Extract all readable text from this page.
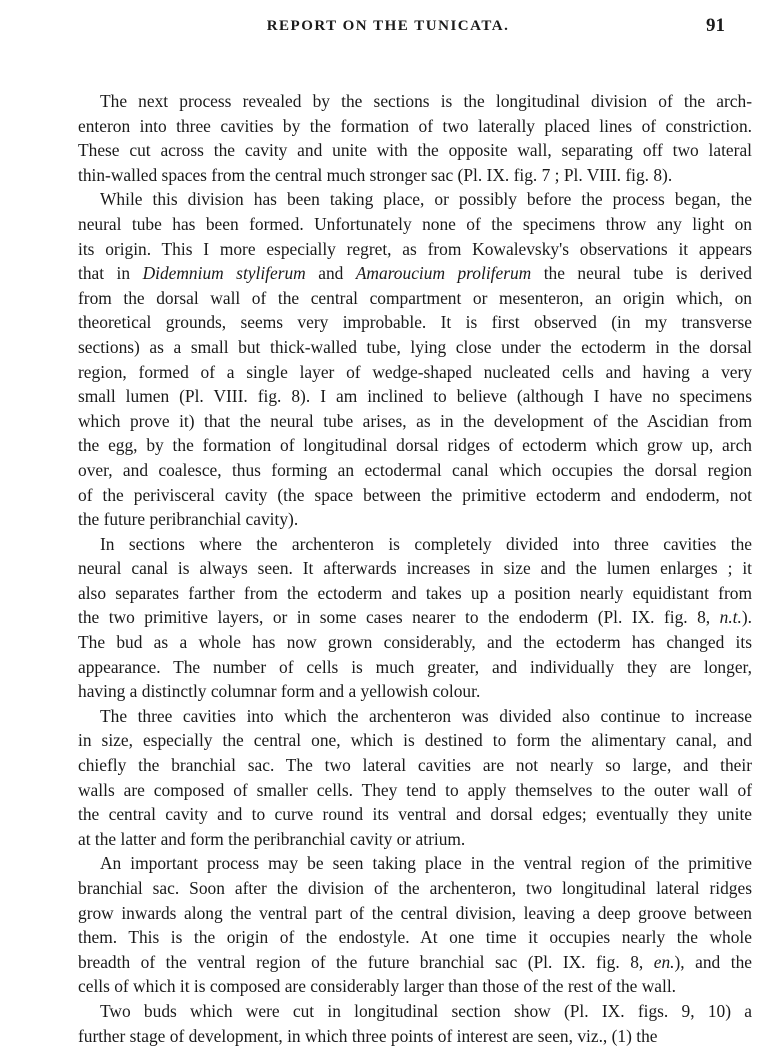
REPORT ON THE TUNICATA.	91
The next process revealed by the sections is the longitudinal division of the arch-
enteron into three cavities by the formation of two laterally placed lines of constriction.
These cut across the cavity and unite with the opposite wall, separating off two lateral
thin-walled spaces from the central much stronger sac (Pl. IX. fig. 7 ; Pl. VIII. fig. 8).
While this division has been taking place, or possibly before the process began, the
neural tube has been formed. Unfortunately none of the specimens throw any light on
its origin. This I more especially regret, as from Kowalevsky's observations it appears
that in Didemnium styliferum and Amaroucium proliferum the neural tube is derived
from the dorsal wall of the central compartment or mesenteron, an origin which, on
theoretical grounds, seems very improbable. It is first observed (in my transverse
sections) as a small but thick-walled tube, lying close under the ectoderm in the dorsal
region, formed of a single layer of wedge-shaped nucleated cells and having a very
small lumen (Pl. VIII. fig. 8). I am inclined to believe (although I have no specimens
which prove it) that the neural tube arises, as in the development of the Ascidian from
the egg, by the formation of longitudinal dorsal ridges of ectoderm which grow up, arch
over, and coalesce, thus forming an ectodermal canal which occupies the dorsal region
of the perivisceral cavity (the space between the primitive ectoderm and endoderm, not
the future peribranchial cavity).
In sections where the archenteron is completely divided into three cavities the
neural canal is always seen. It afterwards increases in size and the lumen enlarges ; it
also separates farther from the ectoderm and takes up a position nearly equidistant from
the two primitive layers, or in some cases nearer to the endoderm (Pl. IX. fig. 8, n.t.).
The bud as a whole has now grown considerably, and the ectoderm has changed its
appearance. The number of cells is much greater, and individually they are longer,
having a distinctly columnar form and a yellowish colour.
The three cavities into which the archenteron was divided also continue to increase
in size, especially the central one, which is destined to form the alimentary canal, and
chiefly the branchial sac. The two lateral cavities are not nearly so large, and their
walls are composed of smaller cells. They tend to apply themselves to the outer wall of
the central cavity and to curve round its ventral and dorsal edges; eventually they unite
at the latter and form the peribranchial cavity or atrium.
An important process may be seen taking place in the ventral region of the primitive
branchial sac. Soon after the division of the archenteron, two longitudinal lateral ridges
grow inwards along the ventral part of the central division, leaving a deep groove between
them. This is the origin of the endostyle. At one time it occupies nearly the whole
breadth of the ventral region of the future branchial sac (Pl. IX. fig. 8, en.), and the
cells of which it is composed are considerably larger than those of the rest of the wall.
Two buds which were cut in longitudinal section show (Pl. IX. figs. 9, 10) a
further stage of development, in which three points of interest are seen, viz., (1) the
